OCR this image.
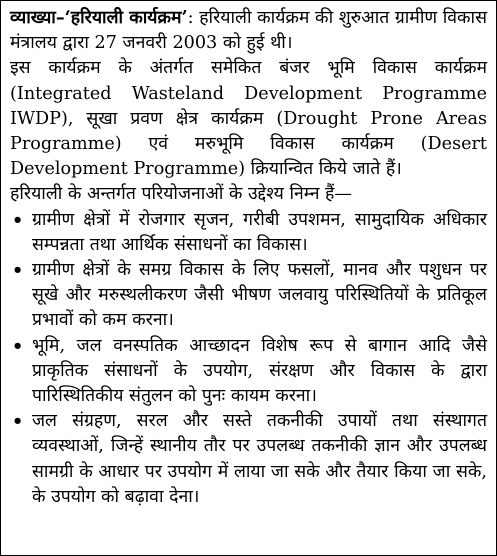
व्याख्या–‘हरियाली कार्यक्रम’: हरियाली कार्यक्रम की शुरुआत ग्रामीण विकास मंत्रालय द्वारा 27 जनवरी 2003 को हुई थी।

इस कार्यक्रम के अंतर्गत समेकित बंजर भूमि विकास कार्यक्रम (Integrated Wasteland Development Programme IWDP), सूखा प्रवण क्षेत्र कार्यक्रम (Drought Prone Areas Programme) एवं मरुभूमि विकास कार्यक्रम (Desert Development Programme) क्रियान्वित किये जाते हैं।

हरियाली के अन्तर्गत परियोजनाओं के उद्देश्य निम्न हैं—

• ग्रामीण क्षेत्रों में रोजगार सृजन, गरीबी उपशमन, सामुदायिक अधिकार सम्पन्नता तथा आर्थिक संसाधनों का विकास।
• ग्रामीण क्षेत्रों के समग्र विकास के लिए फसलों, मानव और पशुधन पर सूखे और मरुस्थलीकरण जैसी भीषण जलवायु परिस्थितियों के प्रतिकूल प्रभावों को कम करना।
• भूमि, जल वनस्पतिक आच्छादन विशेष रूप से बागान आदि जैसे प्राकृतिक संसाधनों के उपयोग, संरक्षण और विकास के द्वारा पारिस्थितिकीय संतुलन को पुनः कायम करना।
• जल संग्रहण, सरल और सस्ते तकनीकी उपायों तथा संस्थागत व्यवस्थाओं, जिन्हें स्थानीय तौर पर उपलब्ध तकनीकी ज्ञान और उपलब्ध सामग्री के आधार पर उपयोग में लाया जा सके और तैयार किया जा सके, के उपयोग को बढ़ावा देना।
